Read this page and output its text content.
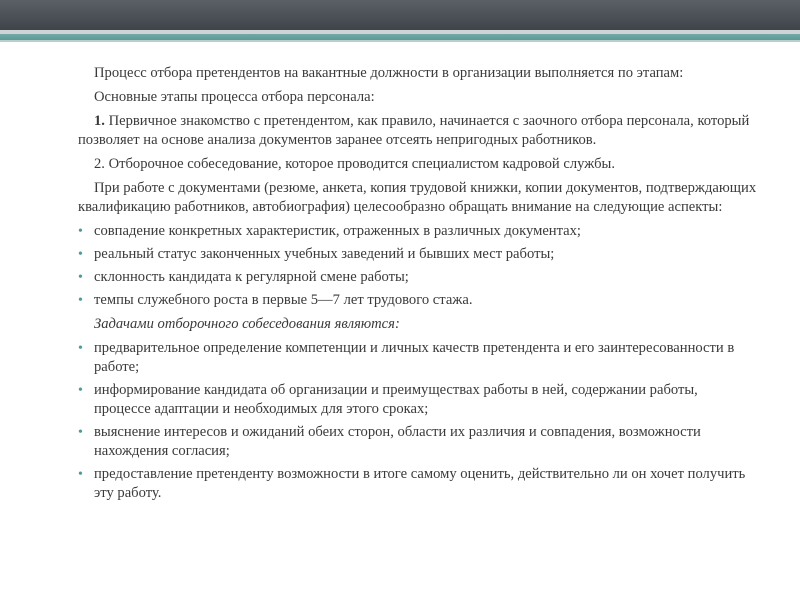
Процесс отбора претендентов на вакантные должности в организации выполняется по этапам:

Основные этапы процесса отбора персонала:

1. Первичное знакомство с претендентом, как правило, начинается с заочного отбора персонала, который позволяет на основе анализа документов заранее отсеять непригодных работников.

2. Отборочное собеседование, которое проводится специалистом кадровой службы.

При работе с документами (резюме, анкета, копия трудовой книжки, копии документов, подтверждающих квалификацию работников, автобиография) целесообразно обращать внимание на следующие аспекты:

• совпадение конкретных характеристик, отраженных в различных документах;
• реальный статус законченных учебных заведений и бывших мест работы;
• склонность кандидата к регулярной смене работы;
• темпы служебного роста в первые 5—7 лет трудового стажа.

Задачами отборочного собеседования являются:

• предварительное определение компетенции и личных качеств претендента и его заинтересованности в работе;
• информирование кандидата об организации и преимуществах работы в ней, содержании работы, процессе адаптации и необходимых для этого сроках;
• выяснение интересов и ожиданий обеих сторон, области их различия и совпадения, возможности нахождения согласия;
• предоставление претенденту возможности в итоге самому оценить, действительно ли он хочет получить эту работу.
